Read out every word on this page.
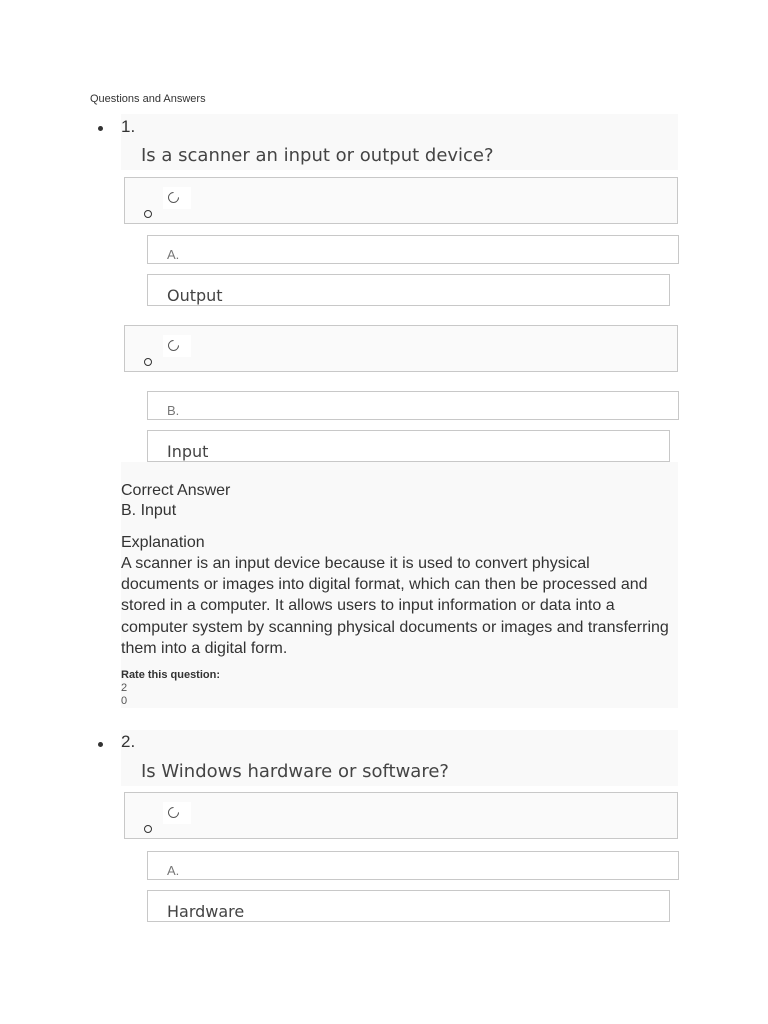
Questions and Answers
1.
Is a scanner an input or output device?
A.
Output
B.
Input
Correct Answer
B. Input
Explanation
A scanner is an input device because it is used to convert physical documents or images into digital format, which can then be processed and stored in a computer. It allows users to input information or data into a computer system by scanning physical documents or images and transferring them into a digital form.
Rate this question:
2
0
2.
Is Windows hardware or software?
A.
Hardware
